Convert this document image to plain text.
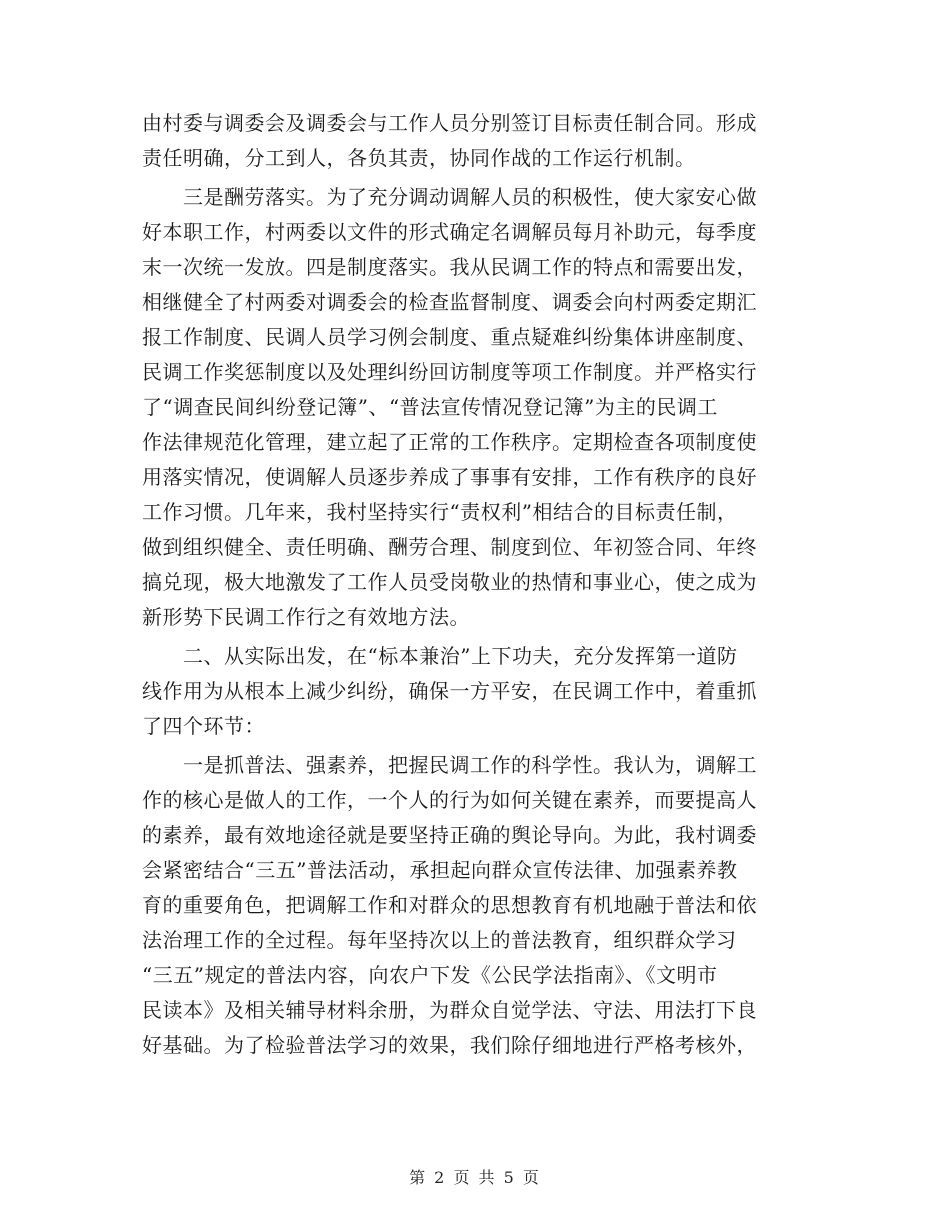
由村委与调委会及调委会与工作人员分别签订目标责任制合同。形成
责任明确，分工到人，各负其责，协同作战的工作运行机制。
　　三是酬劳落实。为了充分调动调解人员的积极性，使大家安心做
好本职工作，村两委以文件的形式确定名调解员每月补助元，每季度
末一次统一发放。四是制度落实。我从民调工作的特点和需要出发，
相继健全了村两委对调委会的检查监督制度、调委会向村两委定期汇
报工作制度、民调人员学习例会制度、重点疑难纠纷集体讲座制度、
民调工作奖惩制度以及处理纠纷回访制度等项工作制度。并严格实行
了“调查民间纠纷登记簿”、“普法宣传情况登记簿”为主的民调工
作法律规范化管理，建立起了正常的工作秩序。定期检查各项制度使
用落实情况，使调解人员逐步养成了事事有安排，工作有秩序的良好
工作习惯。几年来，我村坚持实行“责权利”相结合的目标责任制，
做到组织健全、责任明确、酬劳合理、制度到位、年初签合同、年终
搞兑现，极大地激发了工作人员受岗敬业的热情和事业心，使之成为
新形势下民调工作行之有效地方法。
　　二、从实际出发，在“标本兼治”上下功夫，充分发挥第一道防
线作用为从根本上减少纠纷，确保一方平安，在民调工作中，着重抓
了四个环节：
　　一是抓普法、强素养，把握民调工作的科学性。我认为，调解工
作的核心是做人的工作，一个人的行为如何关键在素养，而要提高人
的素养，最有效地途径就是要坚持正确的舆论导向。为此，我村调委
会紧密结合“三五”普法活动，承担起向群众宣传法律、加强素养教
育的重要角色，把调解工作和对群众的思想教育有机地融于普法和依
法治理工作的全过程。每年坚持次以上的普法教育，组织群众学习
“三五”规定的普法内容，向农户下发《公民学法指南》、《文明市
民读本》及相关辅导材料余册，为群众自觉学法、守法、用法打下良
好基础。为了检验普法学习的效果，我们除仔细地进行严格考核外，
第 2 页 共 5 页
